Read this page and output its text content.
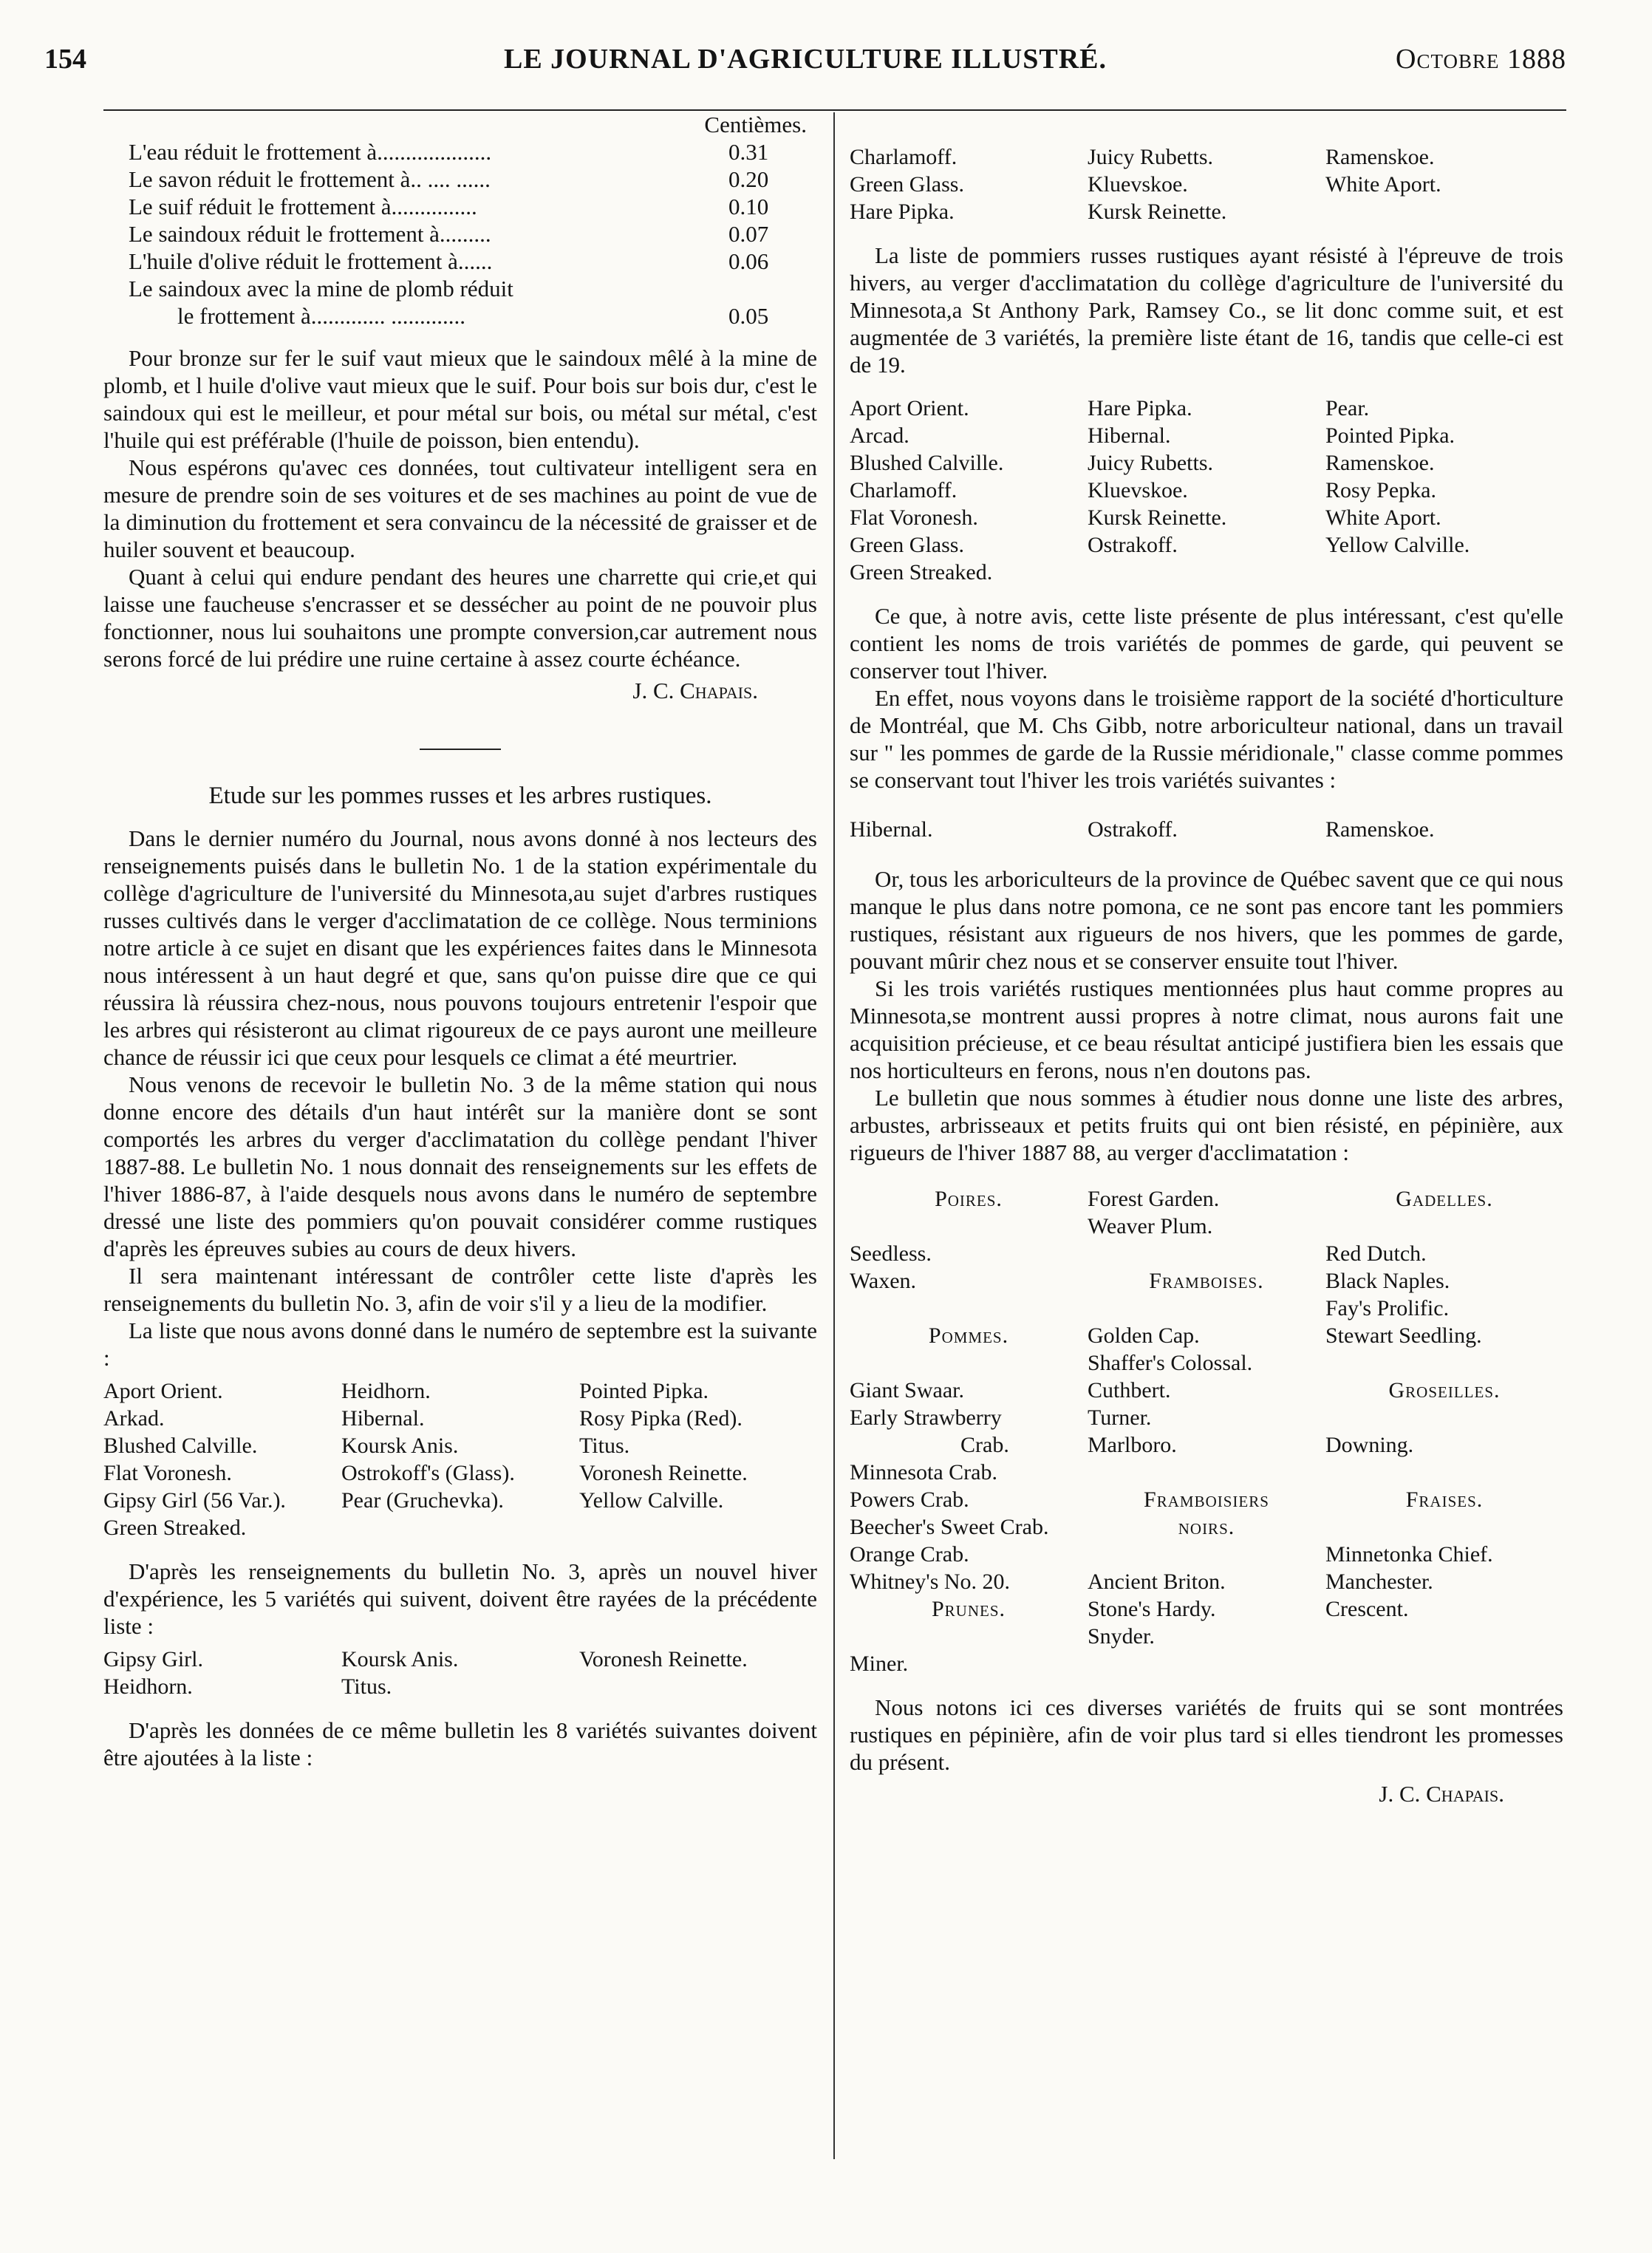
LE JOURNAL D'AGRICULTURE ILLUSTRÉ.
154	Octobre 1888
Centièmes.
L'eau réduit le frottement à....................	0.31
Le savon réduit le frottement à.. .... ......	0.20
Le suif réduit le frottement à...............	0.10
Le saindoux réduit le frottement à.........	0.07
L'huile d'olive réduit le frottement à......	0.06
Le saindoux avec la mine de plomb réduit	
le frottement à............. .............	0.05

Pour bronze sur fer le suif vaut mieux que le saindoux mêlé à la mine de plomb, et l huile d'olive vaut mieux que le suif. Pour bois sur bois dur, c'est le saindoux qui est le meilleur, et pour métal sur bois, ou métal sur métal, c'est l'huile qui est préférable (l'huile de poisson, bien entendu).

Nous espérons qu'avec ces données, tout cultivateur intelligent sera en mesure de prendre soin de ses voitures et de ses machines au point de vue de la diminution du frottement et sera convaincu de la nécessité de graisser et de huiler souvent et beaucoup.

Quant à celui qui endure pendant des heures une charrette qui crie,et qui laisse une faucheuse s'encrasser et se dessécher au point de ne pouvoir plus fonctionner, nous lui souhaitons une prompte conversion,car autrement nous serons forcé de lui prédire une ruine certaine à assez courte échéance.

J. C. Chapais.
Etude sur les pommes russes et les arbres rustiques.

Dans le dernier numéro du Journal, nous avons donné à nos lecteurs des renseignements puisés dans le bulletin No. 1 de la station expérimentale du collège d'agriculture de l'université du Minnesota,au sujet d'arbres rustiques russes cultivés dans le verger d'acclimatation de ce collège. Nous terminions notre article à ce sujet en disant que les expériences faites dans le Minnesota nous intéressent à un haut degré et que, sans qu'on puisse dire que ce qui réussira là réussira chez-nous, nous pouvons toujours entretenir l'espoir que les arbres qui résisteront au climat rigoureux de ce pays auront une meilleure chance de réussir ici que ceux pour lesquels ce climat a été meurtrier.

Nous venons de recevoir le bulletin No. 3 de la même station qui nous donne encore des détails d'un haut intérêt sur la manière dont se sont comportés les arbres du verger d'acclimatation du collège pendant l'hiver 1887-88. Le bulletin No. 1 nous donnait des renseignements sur les effets de l'hiver 1886-87, à l'aide desquels nous avons dans le numéro de septembre dressé une liste des pommiers qu'on pouvait considérer comme rustiques d'après les épreuves subies au cours de deux hivers.

Il sera maintenant intéressant de contrôler cette liste d'après les renseignements du bulletin No. 3, afin de voir s'il y a lieu de la modifier.

La liste que nous avons donné dans le numéro de septembre est la suivante :

Aport Orient.	Heidhorn.	Pointed Pipka.
Arkad.	Hibernal.	Rosy Pipka (Red).
Blushed Calville.	Koursk Anis.	Titus.
Flat Voronesh.	Ostrokoff's (Glass).	Voronesh Reinette.
Gipsy Girl (56 Var.).	Pear (Gruchevka).	Yellow Calville.
Green Streaked.		

D'après les renseignements du bulletin No. 3, après un nouvel hiver d'expérience, les 5 variétés qui suivent, doivent être rayées de la précédente liste :

Gipsy Girl.	Koursk Anis.	Voronesh Reinette.
Heidhorn.	Titus.	

D'après les données de ce même bulletin les 8 variétés suivantes doivent être ajoutées à la liste :

Charlamoff.	Juicy Rubetts.	Ramenskoe.
Green Glass.	Kluevskoe.	White Aport.
Hare Pipka.	Kursk Reinette.	

La liste de pommiers russes rustiques ayant résisté à l'épreuve de trois hivers, au verger d'acclimatation du collège d'agriculture de l'université du Minnesota,a St Anthony Park, Ramsey Co., se lit donc comme suit, et est augmentée de 3 variétés, la première liste étant de 16, tandis que celle-ci est de 19.

Aport Orient.	Hare Pipka.	Pear.
Arcad.	Hibernal.	Pointed Pipka.
Blushed Calville.	Juicy Rubetts.	Ramenskoe.
Charlamoff.	Kluevskoe.	Rosy Pepka.
Flat Voronesh.	Kursk Reinette.	White Aport.
Green Glass.	Ostrakoff.	Yellow Calville.
Green Streaked.		

Ce que, à notre avis, cette liste présente de plus intéressant, c'est qu'elle contient les noms de trois variétés de pommes de garde, qui peuvent se conserver tout l'hiver.

En effet, nous voyons dans le troisième rapport de la société d'horticulture de Montréal, que M. Chs Gibb, notre arboriculteur national, dans un travail sur " les pommes de garde de la Russie méridionale," classe comme pommes se conservant tout l'hiver les trois variétés suivantes :

Hibernal.	Ostrakoff.	Ramenskoe.

Or, tous les arboriculteurs de la province de Québec savent que ce qui nous manque le plus dans notre pomona, ce ne sont pas encore tant les pommiers rustiques, résistant aux rigueurs de nos hivers, que les pommes de garde, pouvant mûrir chez nous et se conserver ensuite tout l'hiver.

Si les trois variétés rustiques mentionnées plus haut comme propres au Minnesota,se montrent aussi propres à notre climat, nous aurons fait une acquisition précieuse, et ce beau résultat anticipé justifiera bien les essais que nos horticulteurs en ferons, nous n'en doutons pas.

Le bulletin que nous sommes à étudier nous donne une liste des arbres, arbustes, arbrisseaux et petits fruits qui ont bien résisté, en pépinière, aux rigueurs de l'hiver 1887 88, au verger d'acclimatation :

Poires.	Forest Garden.	Gadelles.
	Weaver Plum.	
Seedless.		Red Dutch.
Waxen.	Framboises.	Black Naples.
		Fay's Prolific.
Pommes.	Golden Cap.	Stewart Seedling.
	Shaffer's Colossal.	
Giant Swaar.	Cuthbert.	Groseilles.
Early Strawberry	Turner.	
Crab.	Marlboro.	Downing.
Minnesota Crab.		
Powers Crab.	Framboisiers	Fraises.
Beecher's Sweet Crab.	noirs.	
Orange Crab.		Minnetonka Chief.
Whitney's No. 20.	Ancient Briton.	Manchester.
Prunes.	Stone's Hardy.	Crescent.
	Snyder.	
Miner.		

Nous notons ici ces diverses variétés de fruits qui se sont montrées rustiques en pépinière, afin de voir plus tard si elles tiendront les promesses du présent.

J. C. Chapais.
